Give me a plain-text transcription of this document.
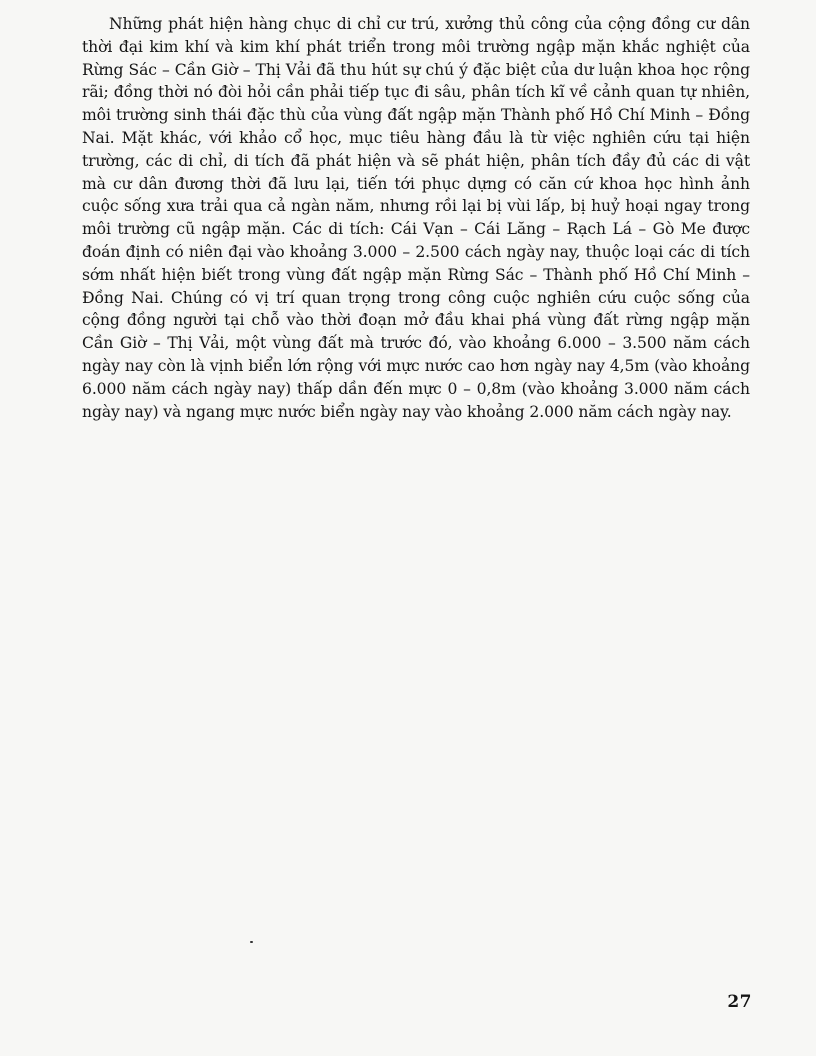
Những phát hiện hàng chục di chỉ cư trú, xưởng thủ công của cộng đồng cư dân thời đại kim khí và kim khí phát triển trong môi trường ngập mặn khắc nghiệt của Rừng Sác – Cần Giờ – Thị Vải đã thu hút sự chú ý đặc biệt của dư luận khoa học rộng rãi; đồng thời nó đòi hỏi cần phải tiếp tục đi sâu, phân tích kĩ về cảnh quan tự nhiên, môi trường sinh thái đặc thù của vùng đất ngập mặn Thành phố Hồ Chí Minh – Đồng Nai. Mặt khác, với khảo cổ học, mục tiêu hàng đầu là từ việc nghiên cứu tại hiện trường, các di chỉ, di tích đã phát hiện và sẽ phát hiện, phân tích đầy đủ các di vật mà cư dân đương thời đã lưu lại, tiến tới phục dựng có căn cứ khoa học hình ảnh cuộc sống xưa trải qua cả ngàn năm, nhưng rồi lại bị vùi lấp, bị huỷ hoại ngay trong môi trường cũ ngập mặn. Các di tích: Cái Vạn – Cái Lăng – Rạch Lá – Gò Me được đoán định có niên đại vào khoảng 3.000 – 2.500 cách ngày nay, thuộc loại các di tích sớm nhất hiện biết trong vùng đất ngập mặn Rừng Sác – Thành phố Hồ Chí Minh – Đồng Nai. Chúng có vị trí quan trọng trong công cuộc nghiên cứu cuộc sống của cộng đồng người tại chỗ vào thời đoạn mở đầu khai phá vùng đất rừng ngập mặn Cần Giờ – Thị Vải, một vùng đất mà trước đó, vào khoảng 6.000 – 3.500 năm cách ngày nay còn là vịnh biển lớn rộng với mực nước cao hơn ngày nay 4,5m (vào khoảng 6.000 năm cách ngày nay) thấp dần đến mực 0 – 0,8m (vào khoảng 3.000 năm cách ngày nay) và ngang mực nước biển ngày nay vào khoảng 2.000 năm cách ngày nay.

27
